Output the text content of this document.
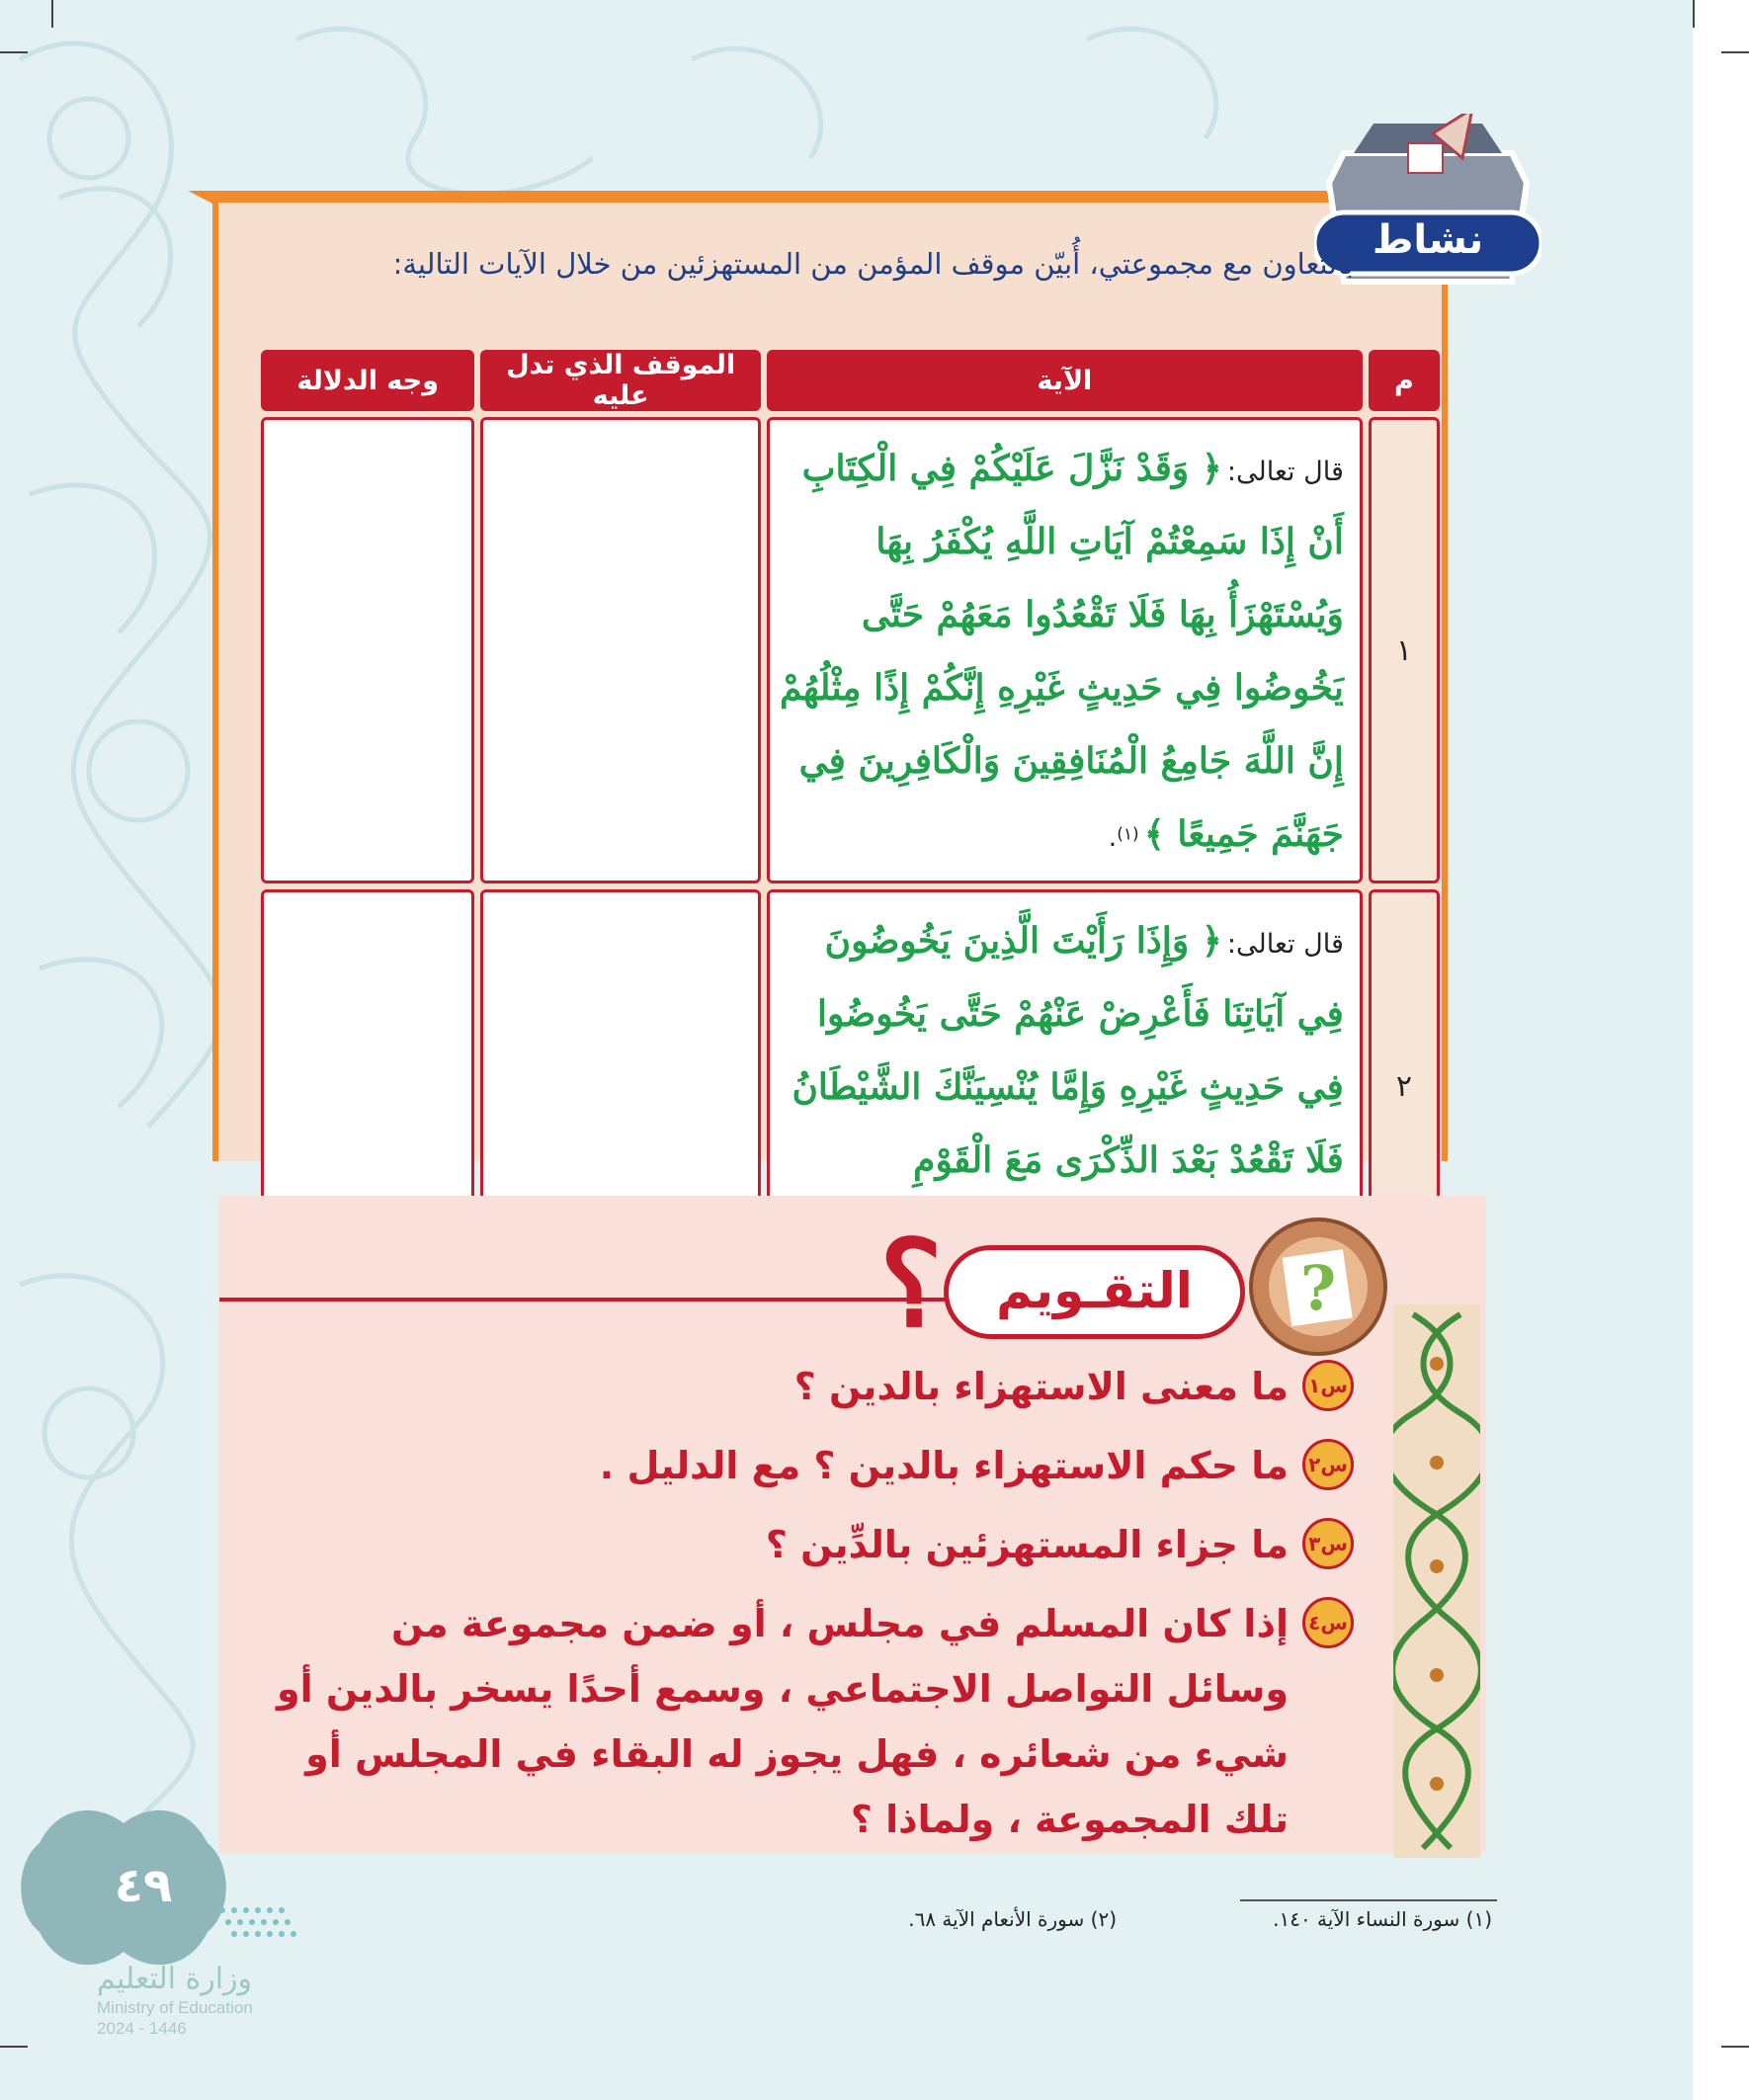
نشاط
بالتعاون مع مجموعتي، أُبيّن موقف المؤمن من المستهزئين من خلال الآيات التالية:
م	الآية	الموقف الذي تدل عليه	وجه الدلالة
١	قال تعالى: ﴿ وَقَدْ نَزَّلَ عَلَيْكُمْ فِي الْكِتَابِ أَنْ إِذَا سَمِعْتُمْ آيَاتِ اللَّهِ يُكْفَرُ بِهَا وَيُسْتَهْزَأُ بِهَا فَلَا تَقْعُدُوا مَعَهُمْ حَتَّى يَخُوضُوا فِي حَدِيثٍ غَيْرِهِ إِنَّكُمْ إِذًا مِثْلُهُمْ إِنَّ اللَّهَ جَامِعُ الْمُنَافِقِينَ وَالْكَافِرِينَ فِي جَهَنَّمَ جَمِيعًا ﴾ (١).		
٢	قال تعالى: ﴿ وَإِذَا رَأَيْتَ الَّذِينَ يَخُوضُونَ فِي آيَاتِنَا فَأَعْرِضْ عَنْهُمْ حَتَّى يَخُوضُوا فِي حَدِيثٍ غَيْرِهِ وَإِمَّا يُنْسِيَنَّكَ الشَّيْطَانُ فَلَا تَقْعُدْ بَعْدَ الذِّكْرَى مَعَ الْقَوْمِ		
؟	التقـويم	?
س١
ما معنى الاستهزاء بالدين ؟
س٢
ما حكم الاستهزاء بالدين ؟ مع الدليل .
س٣
ما جزاء المستهزئين بالدِّين ؟
س٤
إذا كان المسلم في مجلس ، أو ضمن مجموعة من وسائل التواصل الاجتماعي ، وسمع أحدًا يسخر بالدين أو شيء من شعائره ، فهل يجوز له البقاء في المجلس أو تلك المجموعة ، ولماذا ؟
٤٩
وزارة التعليم
Ministry of Education
2024 - 1446
(١) سورة النساء الآية ١٤٠.
(٢) سورة الأنعام الآية ٦٨.
